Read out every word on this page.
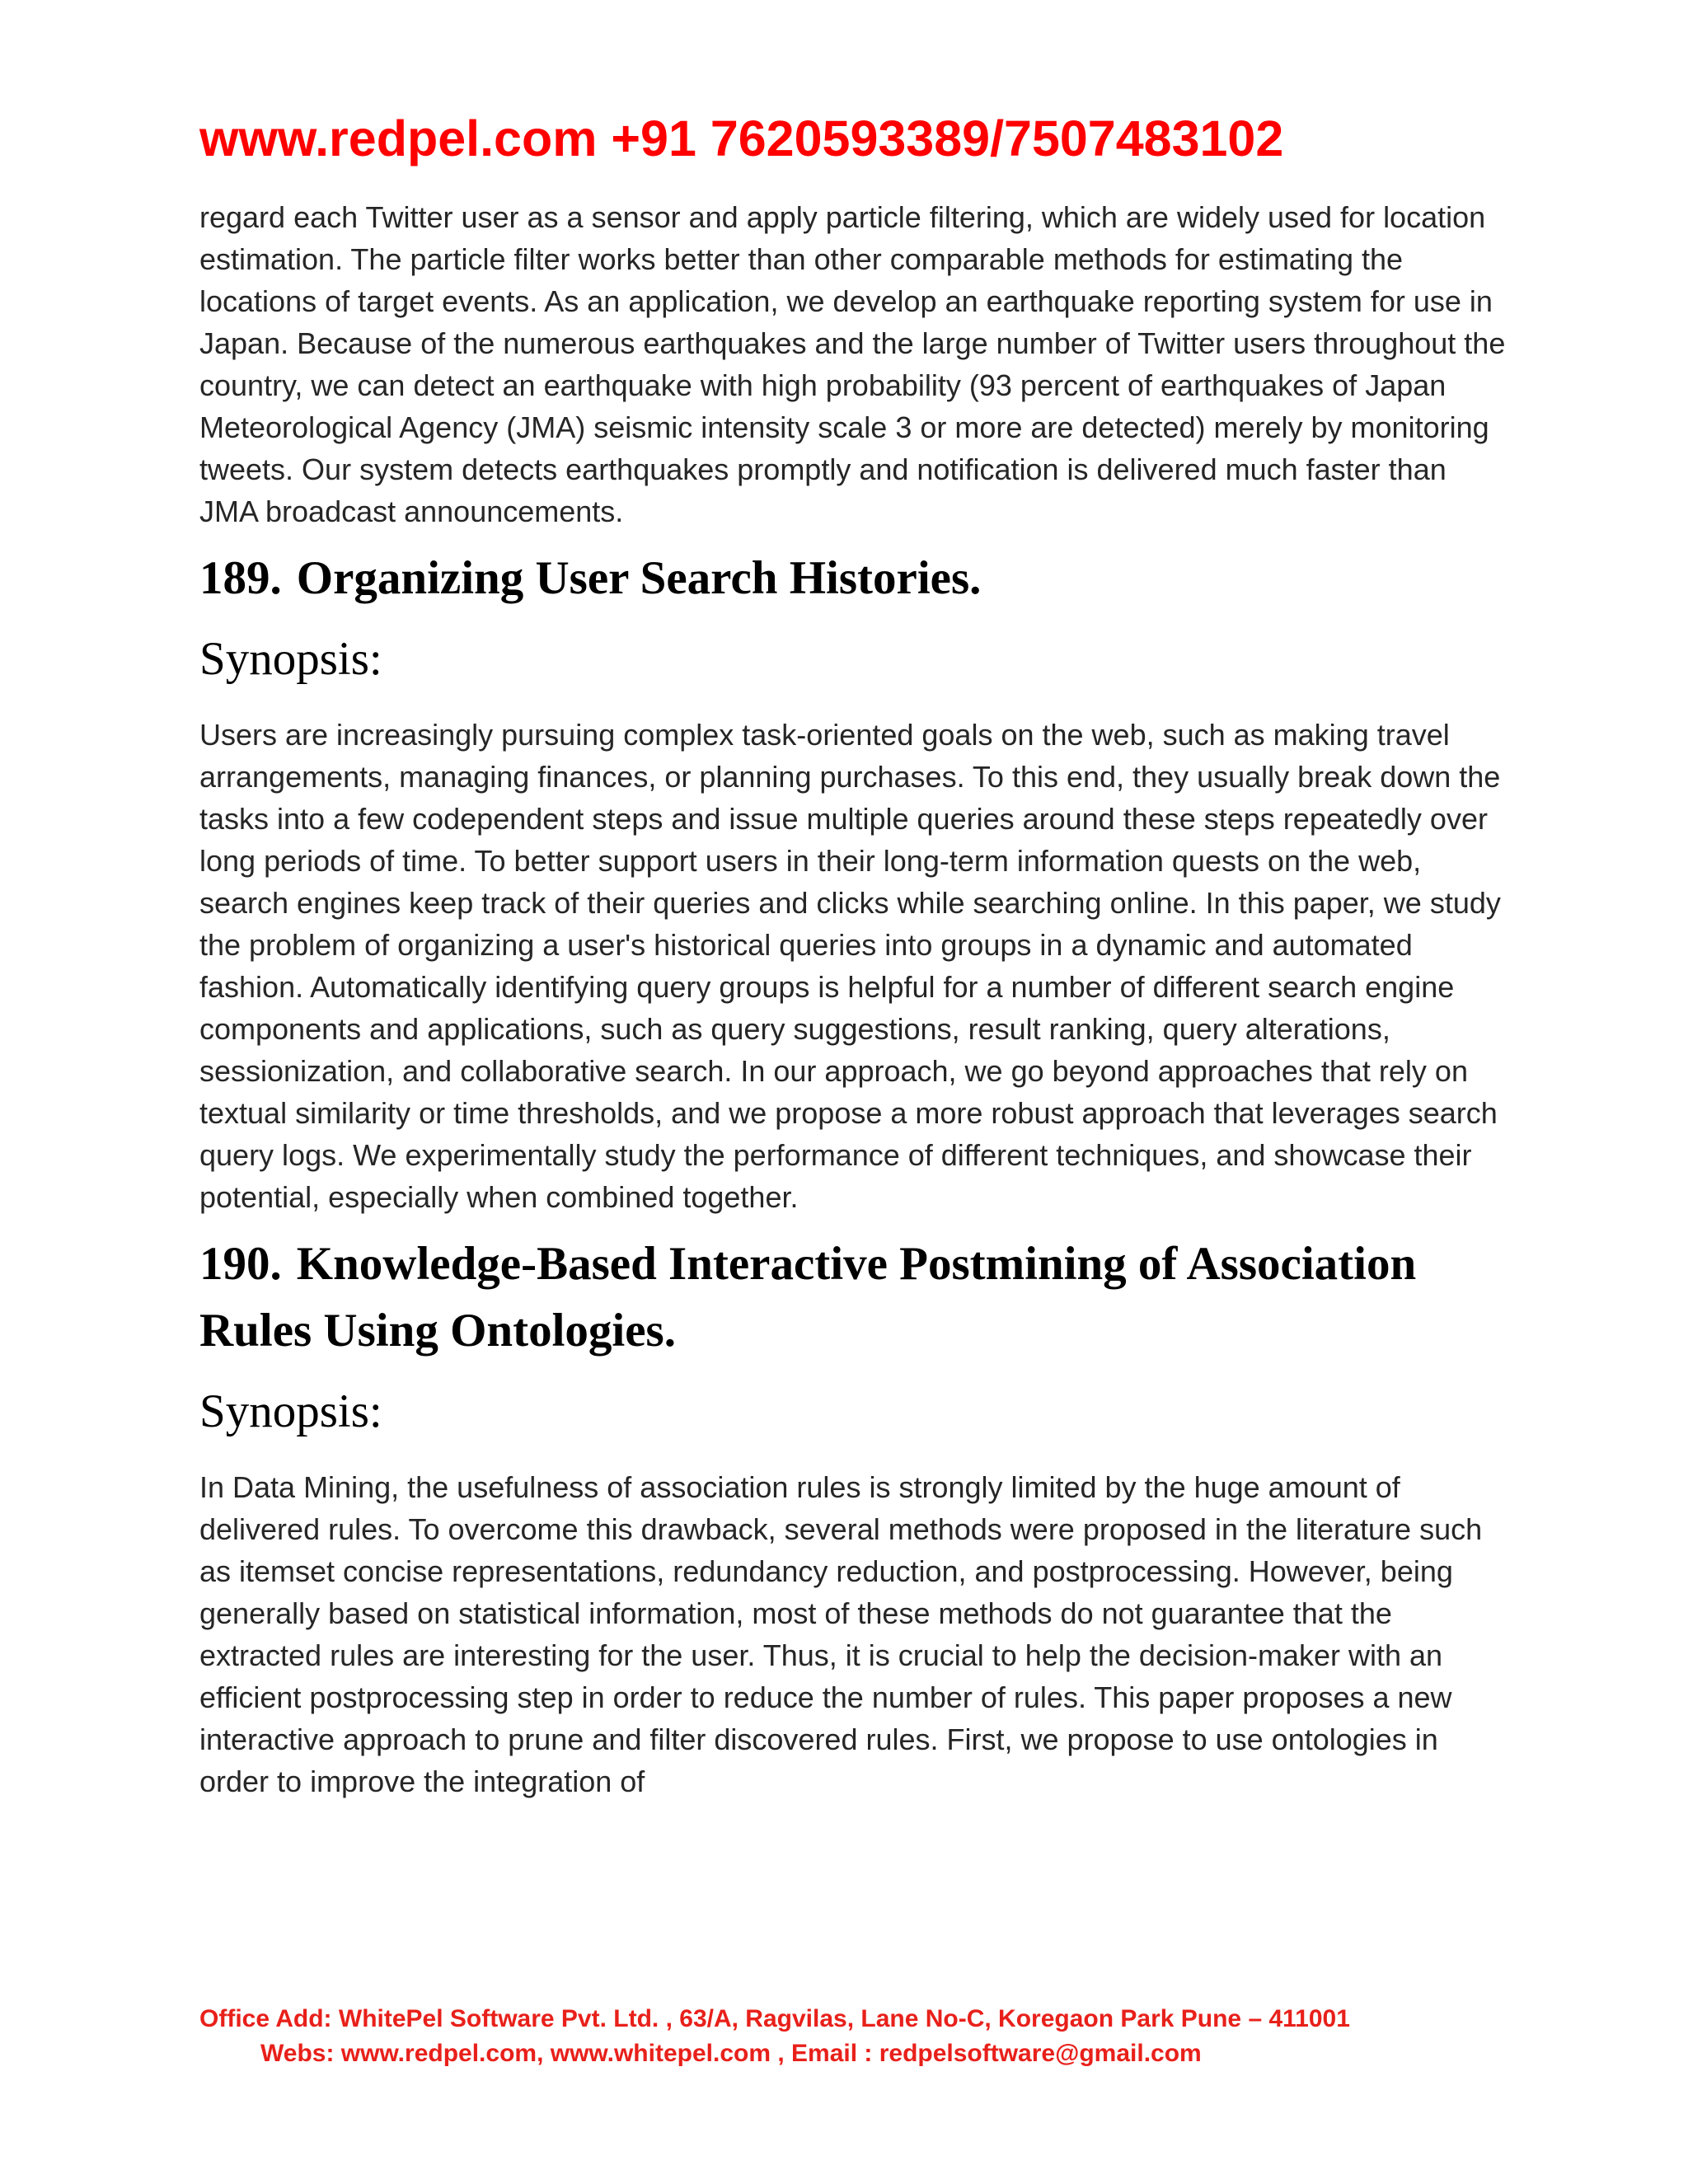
www.redpel.com +91 7620593389/7507483102

regard each Twitter user as a sensor and apply particle filtering, which are widely used for location estimation. The particle filter works better than other comparable methods for estimating the locations of target events. As an application, we develop an earthquake reporting system for use in Japan. Because of the numerous earthquakes and the large number of Twitter users throughout the country, we can detect an earthquake with high probability (93 percent of earthquakes of Japan Meteorological Agency (JMA) seismic intensity scale 3 or more are detected) merely by monitoring tweets. Our system detects earthquakes promptly and notification is delivered much faster than JMA broadcast announcements.

189. Organizing User Search Histories.

Synopsis:

Users are increasingly pursuing complex task-oriented goals on the web, such as making travel arrangements, managing finances, or planning purchases. To this end, they usually break down the tasks into a few codependent steps and issue multiple queries around these steps repeatedly over long periods of time. To better support users in their long-term information quests on the web, search engines keep track of their queries and clicks while searching online. In this paper, we study the problem of organizing a user's historical queries into groups in a dynamic and automated fashion. Automatically identifying query groups is helpful for a number of different search engine components and applications, such as query suggestions, result ranking, query alterations, sessionization, and collaborative search. In our approach, we go beyond approaches that rely on textual similarity or time thresholds, and we propose a more robust approach that leverages search query logs. We experimentally study the performance of different techniques, and showcase their potential, especially when combined together.

190. Knowledge-Based Interactive Postmining of Association Rules Using Ontologies.

Synopsis:

In Data Mining, the usefulness of association rules is strongly limited by the huge amount of delivered rules. To overcome this drawback, several methods were proposed in the literature such as itemset concise representations, redundancy reduction, and postprocessing. However, being generally based on statistical information, most of these methods do not guarantee that the extracted rules are interesting for the user. Thus, it is crucial to help the decision-maker with an efficient postprocessing step in order to reduce the number of rules. This paper proposes a new interactive approach to prune and filter discovered rules. First, we propose to use ontologies in order to improve the integration of

Office Add: WhitePel Software Pvt. Ltd. , 63/A, Ragvilas, Lane No-C, Koregaon Park Pune – 411001

Webs: www.redpel.com, www.whitepel.com , Email : redpelsoftware@gmail.com
